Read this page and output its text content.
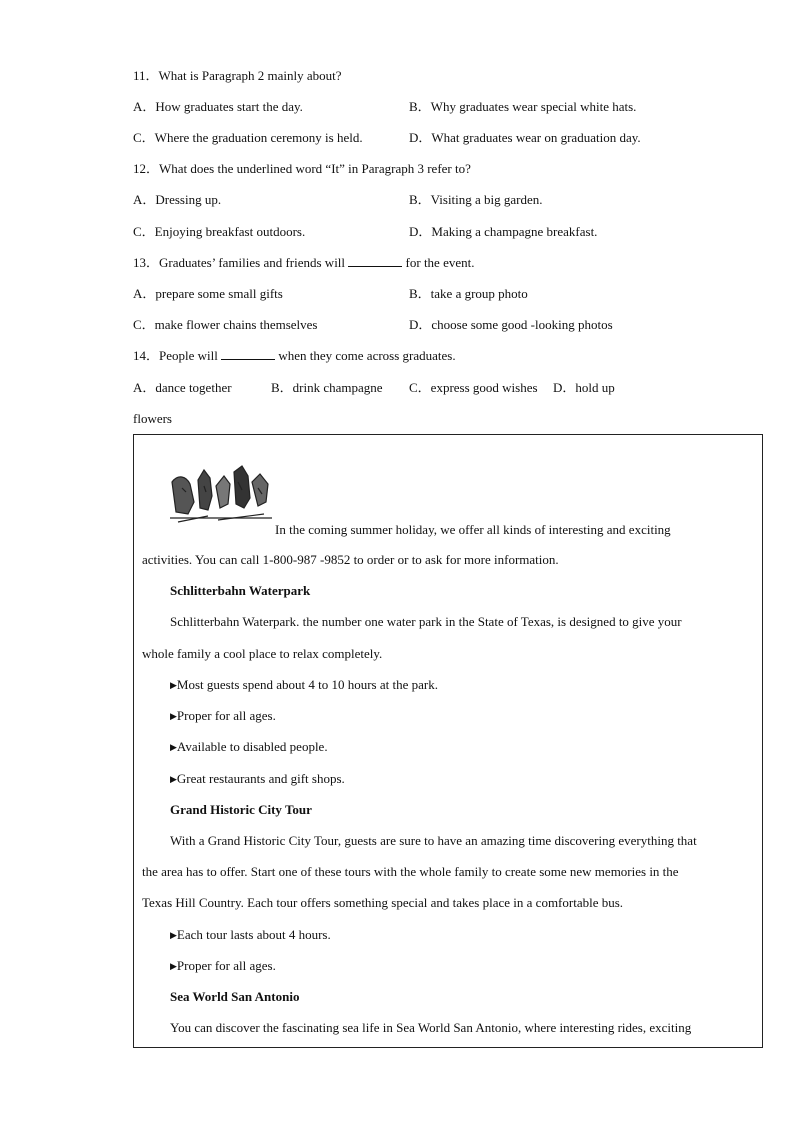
11．What is Paragraph 2 mainly about?
A．How graduates start the day.	B．Why graduates wear special white hats.
C．Where the graduation ceremony is held.	D．What graduates wear on graduation day.
12．What does the underlined word “It” in Paragraph 3 refer to?
A．Dressing up.	B．Visiting a big garden.
C．Enjoying breakfast outdoors.	D．Making a champagne breakfast.
13．Graduates’ families and friends will	for the event.
A．prepare some small gifts	B．take a group photo
C．make flower chains themselves	D．choose some good -looking photos
14．People will	when they come across graduates.
A．dance together	B．drink champagne C．express good wishes D．hold up
flowers
In the coming summer holiday, we offer all kinds of interesting and exciting
activities. You can call 1-800-987 -9852 to order or to ask for more information.
Schlitterbahn Waterpark
Schlitterbahn Waterpark. the number one water park in the State of Texas, is designed to give your
whole family a cool place to relax completely.
▶Most guests spend about 4 to 10 hours at the park.
▶Proper for all ages.
▶Available to disabled people.
▶Great restaurants and gift shops.
Grand Historic City Tour
With a Grand Historic City Tour, guests are sure to have an amazing time discovering everything that
the area has to offer. Start one of these tours with the whole family to create some new memories in the
Texas Hill Country. Each tour offers something special and takes place in a comfortable bus.
▶Each tour lasts about 4 hours.
▶Proper for all ages.
Sea World San Antonio
You can discover the fascinating sea life in Sea World San Antonio, where interesting rides, exciting
